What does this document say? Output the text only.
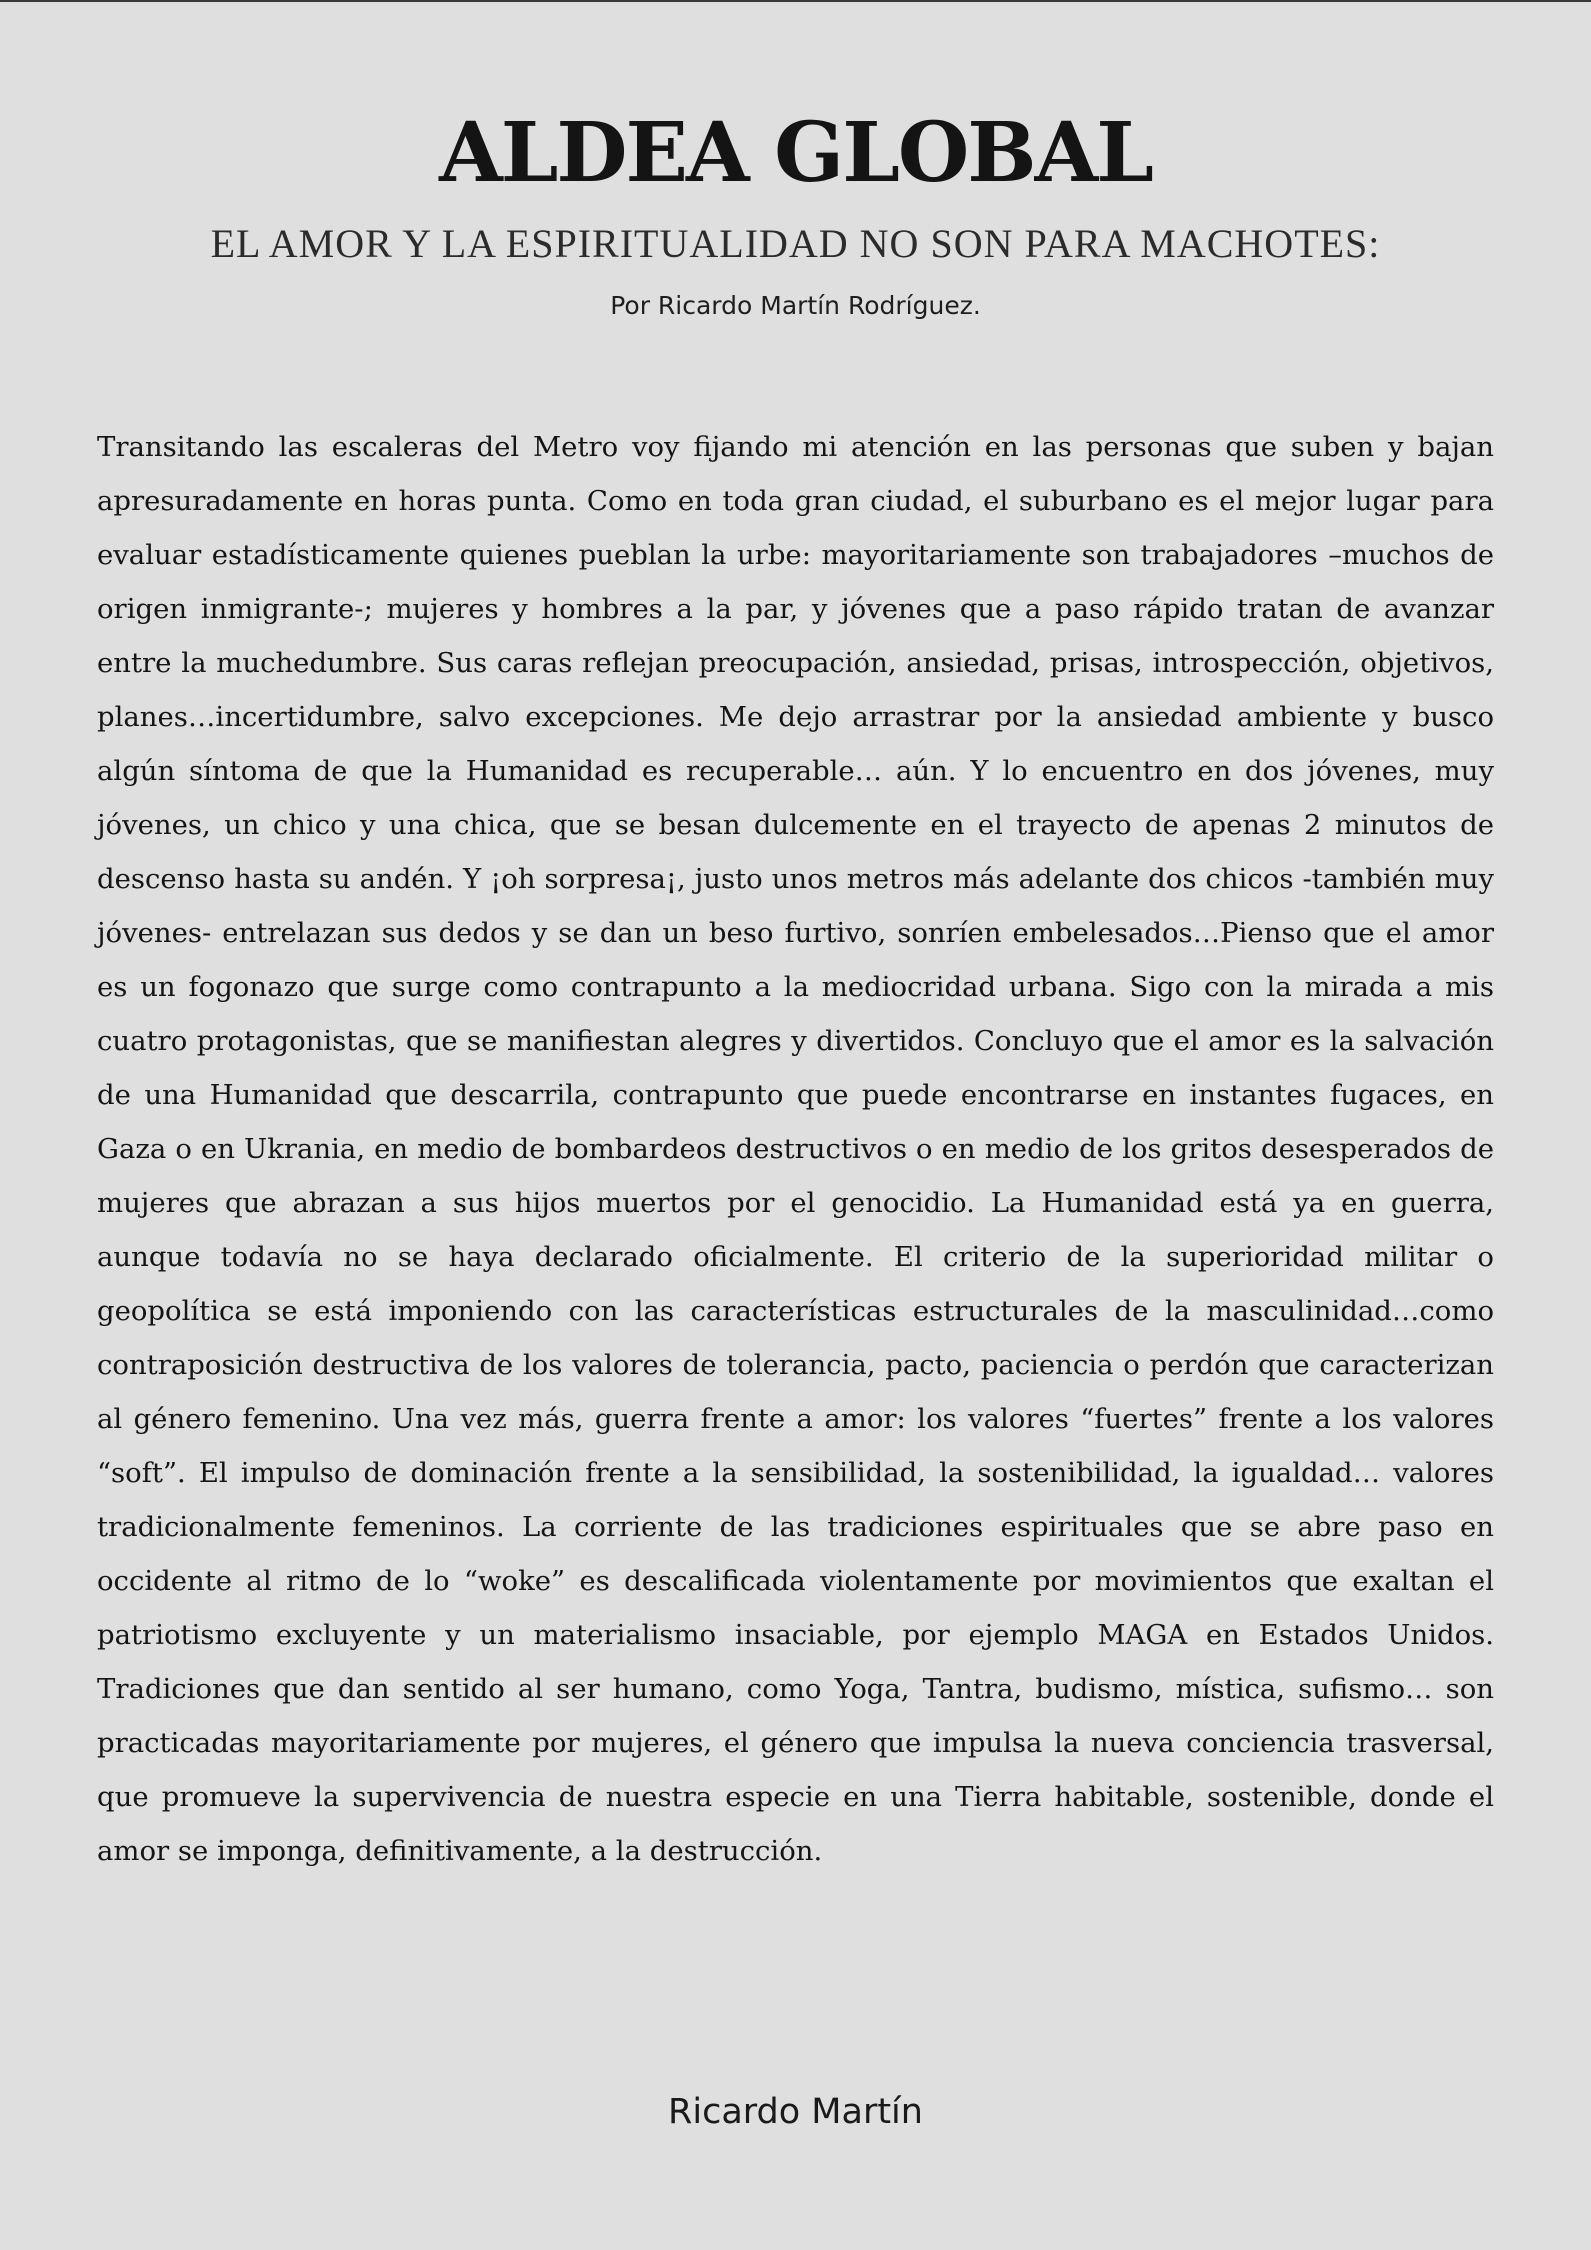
ALDEA GLOBAL
EL AMOR Y LA ESPIRITUALIDAD NO SON PARA MACHOTES:
Por Ricardo Martín Rodríguez.

Transitando las escaleras del Metro voy fijando mi atención en las personas que suben y bajan apresuradamente en horas punta. Como en toda gran ciudad, el suburbano es el mejor lugar para evaluar estadísticamente quienes pueblan la urbe: mayoritariamente son trabajadores –muchos de origen inmigrante-; mujeres y hombres a la par, y jóvenes que a paso rápido tratan de avanzar entre la muchedumbre. Sus caras reflejan preocupación, ansiedad, prisas, introspección, objetivos, planes…incertidumbre, salvo excepciones. Me dejo arrastrar por la ansiedad ambiente y busco algún síntoma de que la Humanidad es recuperable… aún. Y lo encuentro en dos jóvenes, muy jóvenes, un chico y una chica, que se besan dulcemente en el trayecto de apenas 2 minutos de descenso hasta su andén. Y ¡oh sorpresa¡, justo unos metros más adelante dos chicos -también muy jóvenes- entrelazan sus dedos y se dan un beso furtivo, sonríen embelesados…Pienso que el amor es un fogonazo que surge como contrapunto a la mediocridad urbana. Sigo con la mirada a mis cuatro protagonistas, que se manifiestan alegres y divertidos. Concluyo que el amor es la salvación de una Humanidad que descarrila, contrapunto que puede encontrarse en instantes fugaces, en Gaza o en Ukrania, en medio de bombardeos destructivos o en medio de los gritos desesperados de mujeres que abrazan a sus hijos muertos por el genocidio. La Humanidad está ya en guerra, aunque todavía no se haya declarado oficialmente. El criterio de la superioridad militar o geopolítica se está imponiendo con las características estructurales de la masculinidad…como contraposición destructiva de los valores de tolerancia, pacto, paciencia o perdón que caracterizan al género femenino. Una vez más, guerra frente a amor: los valores “fuertes” frente a los valores “soft”. El impulso de dominación frente a la sensibilidad, la sostenibilidad, la igualdad… valores tradicionalmente femeninos. La corriente de las tradiciones espirituales que se abre paso en occidente al ritmo de lo “woke” es descalificada violentamente por movimientos que exaltan el patriotismo excluyente y un materialismo insaciable, por ejemplo MAGA en Estados Unidos. Tradiciones que dan sentido al ser humano, como Yoga, Tantra, budismo, mística, sufismo… son practicadas mayoritariamente por mujeres, el género que impulsa la nueva conciencia trasversal, que promueve la supervivencia de nuestra especie en una Tierra habitable, sostenible, donde el amor se imponga, definitivamente, a la destrucción.

Ricardo Martín
